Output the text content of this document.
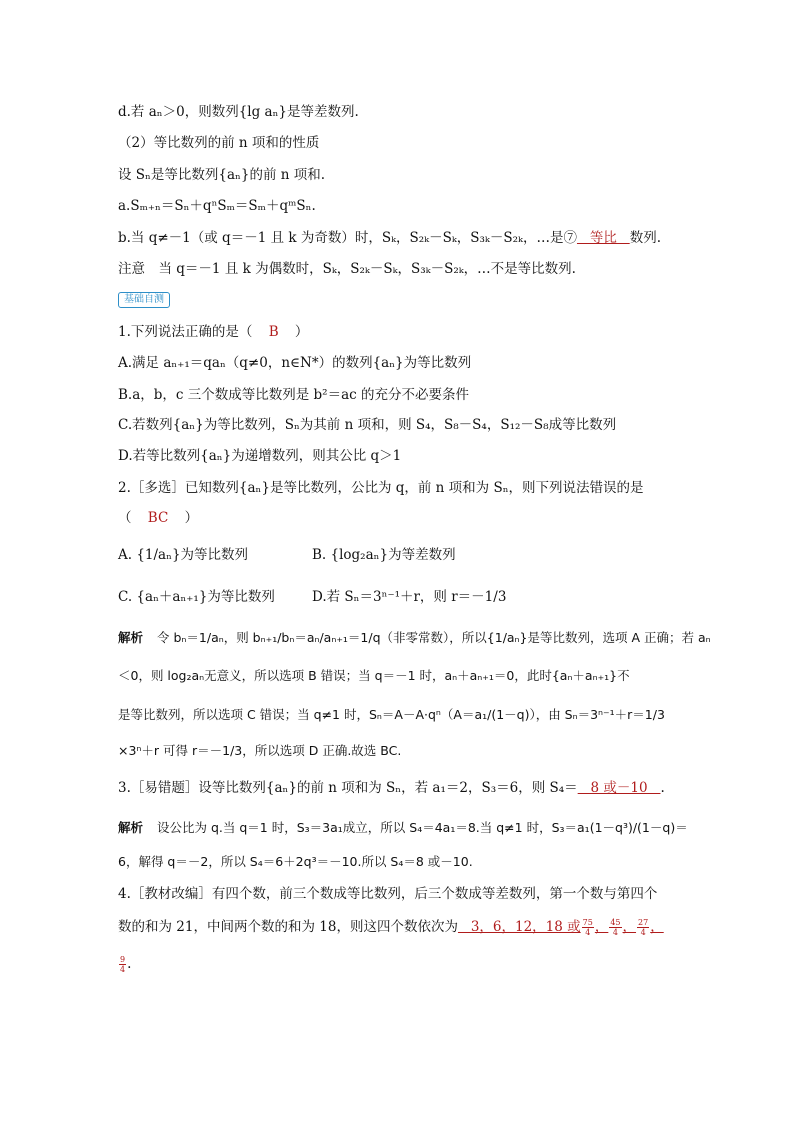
d.若 aₙ＞0，则数列{lg aₙ}是等差数列.
（2）等比数列的前 n 项和的性质
设 Sₙ是等比数列{aₙ}的前 n 项和.
a.Sₘ₊ₙ＝Sₙ＋qⁿSₘ＝Sₘ＋qᵐSₙ.
b.当 q≠－1（或 q＝－1 且 k 为奇数）时，Sₖ，S₂ₖ－Sₖ，S₃ₖ－S₂ₖ，…是⑦   等比   数列.
注意　当 q＝－1 且 k 为偶数时，Sₖ，S₂ₖ－Sₖ，S₃ₖ－S₂ₖ，…不是等比数列.
基础自测
1.下列说法正确的是（ B ）
A.满足 aₙ₊₁＝qaₙ（q≠0，n∈N*）的数列{aₙ}为等比数列
B.a，b，c 三个数成等比数列是 b²＝ac 的充分不必要条件
C.若数列{aₙ}为等比数列，Sₙ为其前 n 项和，则 S₄，S₈－S₄，S₁₂－S₈成等比数列
D.若等比数列{aₙ}为递增数列，则其公比 q＞1
2.［多选］已知数列{aₙ}是等比数列，公比为 q，前 n 项和为 Sₙ，则下列说法错误的是
（ BC ）
A. {1/aₙ}为等比数列	B. {log₂aₙ}为等差数列
C. {aₙ＋aₙ₊₁}为等比数列	D.若 Sₙ＝3ⁿ⁻¹＋r，则 r＝－1/3
解析 令 bₙ＝1/aₙ，则 bₙ₊₁/bₙ＝aₙ/aₙ₊₁＝1/q（非零常数），所以{1/aₙ}是等比数列，选项 A 正确；若 aₙ
＜0，则 log₂aₙ无意义，所以选项 B 错误；当 q＝－1 时，aₙ＋aₙ₊₁＝0，此时{aₙ＋aₙ₊₁}不
是等比数列，所以选项 C 错误；当 q≠1 时，Sₙ＝A－A·qⁿ（A＝a₁/(1－q)），由 Sₙ＝3ⁿ⁻¹＋r＝1/3
×3ⁿ＋r 可得 r＝－1/3，所以选项 D 正确.故选 BC.
3.［易错题］设等比数列{aₙ}的前 n 项和为 Sₙ，若 a₁＝2，S₃＝6，则 S₄＝   8 或－10   .
解析 设公比为 q.当 q＝1 时，S₃＝3a₁成立，所以 S₄＝4a₁＝8.当 q≠1 时，S₃＝a₁(1－q³)/(1－q)＝
6，解得 q＝－2，所以 S₄＝6＋2q³＝－10.所以 S₄＝8 或－10.
4.［教材改编］有四个数，前三个数成等比数列，后三个数成等差数列，第一个数与第四个
数的和为 21，中间两个数的和为 18，则这四个数依次为   3，6，12，18 或 $\frac{75}{4}$ ， $\frac{45}{4}$ ， $\frac{27}{4}$ ，
$\frac{9}{4}$ .
